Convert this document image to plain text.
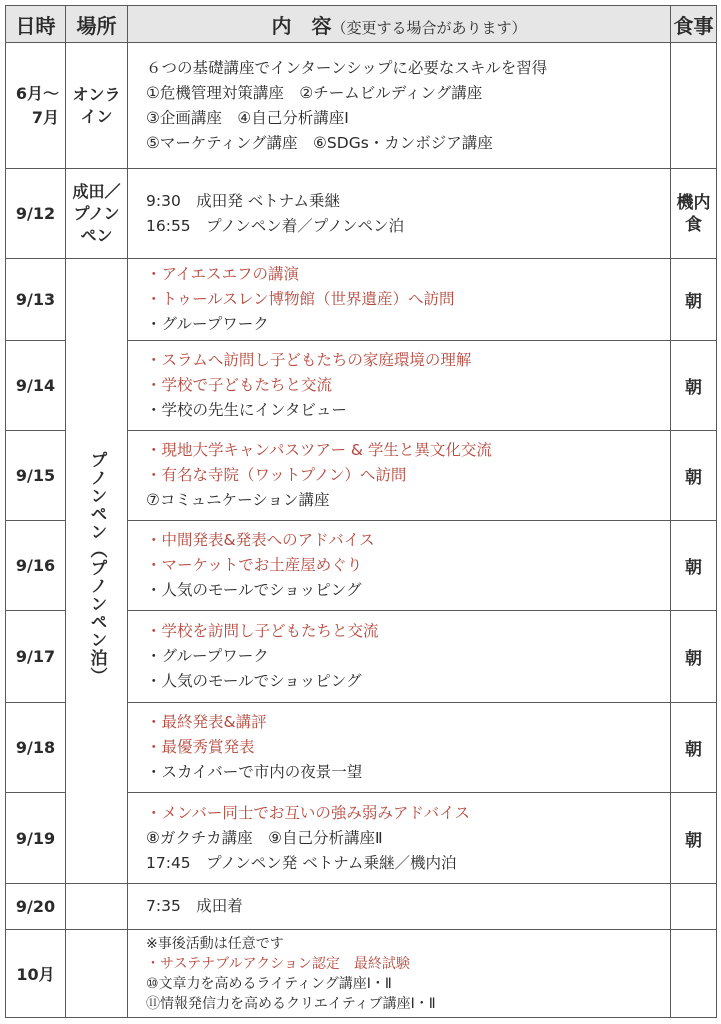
日時	場所	内　容（変更する場合があります）	食事
6月〜7月	オンライン	６つの基礎講座でインターンシップに必要なスキルを習得
①危機管理対策講座　②チームビルディング講座
③企画講座　④自己分析講座Ⅰ
⑤マーケティング講座　⑥SDGs・カンボジア講座	

9/12	成田／プノンペン	9:30　成田発 ベトナム乗継
16:55　プノンペン着／プノンペン泊	機内食
9/13	プノンペン（プノンペン泊）	・アイエスエフの講演
・トゥールスレン博物館（世界遺産）へ訪問
・グループワーク	朝
9/14		・スラムへ訪問し子どもたちの家庭環境の理解
・学校で子どもたちと交流
・学校の先生にインタビュー	朝
9/15		・現地大学キャンパスツアー & 学生と異文化交流
・有名な寺院（ワットプノン）へ訪問
⑦コミュニケーション講座	朝
9/16		・中間発表&発表へのアドバイス
・マーケットでお土産屋めぐり
・人気のモールでショッピング	朝
9/17		・学校を訪問し子どもたちと交流
・グループワーク
・人気のモールでショッピング	朝
9/18		・最終発表&講評
・最優秀賞発表
・スカイバーで市内の夜景一望	朝
9/19		・メンバー同士でお互いの強み弱みアドバイス
⑧ガクチカ講座　⑨自己分析講座Ⅱ
17:45　プノンペン発 ベトナム乗継／機内泊	朝
9/20		7:35　成田着	

10月		※事後活動は任意です
・サステナブルアクション認定　最終試験
⑩文章力を高めるライティング講座Ⅰ・Ⅱ
⑪情報発信力を高めるクリエイティブ講座Ⅰ・Ⅱ	
